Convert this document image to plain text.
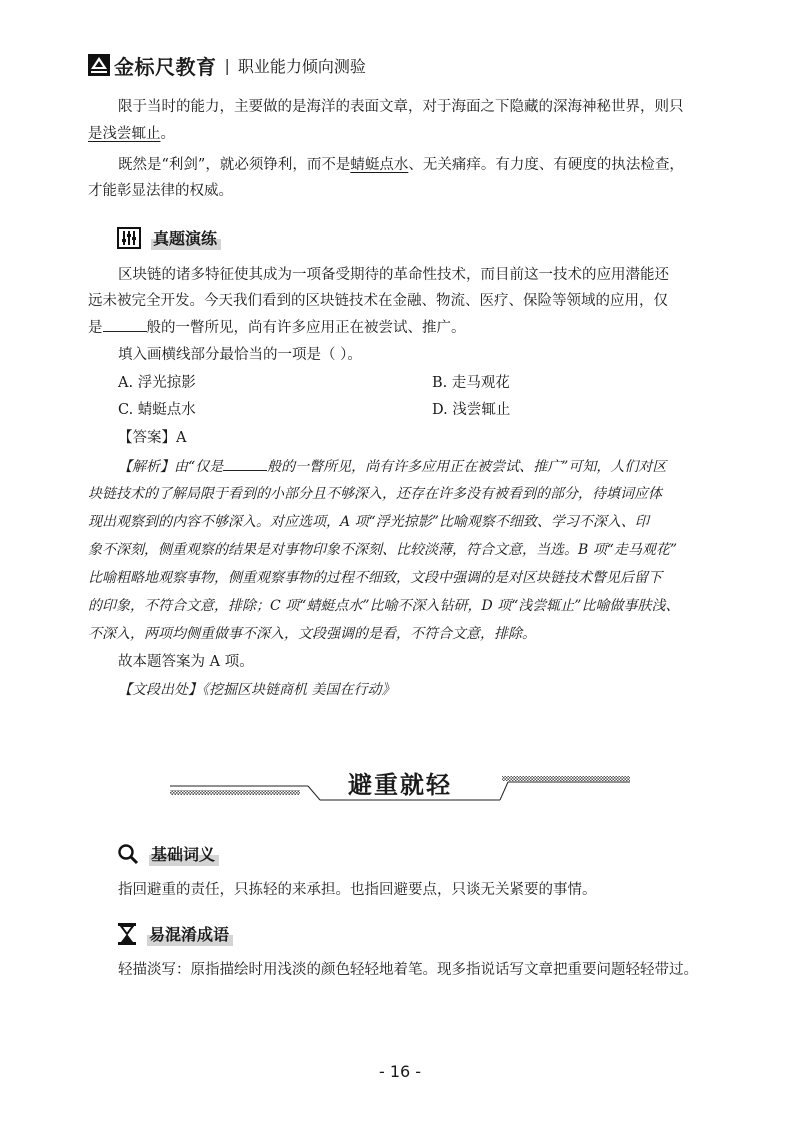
金标尺教育 | 职业能力倾向测验
限于当时的能力，主要做的是海洋的表面文章，对于海面之下隐藏的深海神秘世界，则只
是浅尝辄止。
既然是“利剑”，就必须铮利，而不是蜻蜓点水、无关痛痒。有力度、有硬度的执法检查，
才能彰显法律的权威。
真题演练
区块链的诸多特征使其成为一项备受期待的革命性技术，而目前这一技术的应用潜能还
远未被完全开发。今天我们看到的区块链技术在金融、物流、医疗、保险等领域的应用，仅
是	般的一瞥所见，尚有许多应用正在被尝试、推广。
填入画横线部分最恰当的一项是（ ）。
A. 浮光掠影	B. 走马观花
C. 蜻蜓点水	D. 浅尝辄止
【答案】A
【解析】由“仅是	般的一瞥所见，尚有许多应用正在被尝试、推广”可知，人们对区
块链技术的了解局限于看到的小部分且不够深入，还存在许多没有被看到的部分，待填词应体
现出观察到的内容不够深入。对应选项，A 项“浮光掠影”比喻观察不细致、学习不深入、印
象不深刻，侧重观察的结果是对事物印象不深刻、比较淡薄，符合文意，当选。B 项“走马观花”
比喻粗略地观察事物，侧重观察事物的过程不细致，文段中强调的是对区块链技术瞥见后留下
的印象，不符合文意，排除；C 项“蜻蜓点水”比喻不深入钻研，D 项“浅尝辄止”比喻做事肤浅、
不深入，两项均侧重做事不深入，文段强调的是看，不符合文意，排除。
故本题答案为 A 项。
【文段出处】《挖掘区块链商机 美国在行动》
避重就轻
基础词义
指回避重的责任，只拣轻的来承担。也指回避要点，只谈无关紧要的事情。
易混淆成语
轻描淡写：原指描绘时用浅淡的颜色轻轻地着笔。现多指说话写文章把重要问题轻轻带过。
- 16 -
